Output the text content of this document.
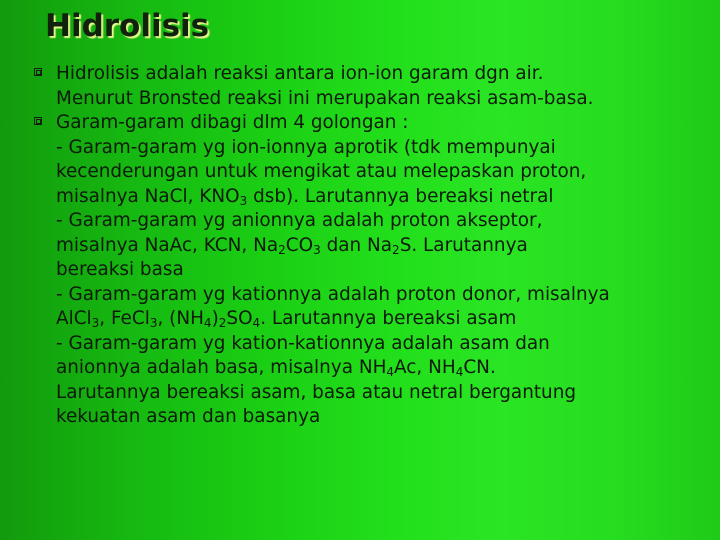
Hidrolisis
Hidrolisis adalah reaksi antara ion-ion garam dgn air.
Menurut Bronsted reaksi ini merupakan reaksi asam-basa.
Garam-garam dibagi dlm 4 golongan :
- Garam-garam yg ion-ionnya aprotik (tdk mempunyai
kecenderungan untuk mengikat atau melepaskan proton,
misalnya NaCl, $KNO_3$ dsb). Larutannya bereaksi netral
- Garam-garam yg anionnya adalah proton akseptor,
misalnya NaAc, KCN, $Na_2CO_3$ dan $Na_2S$. Larutannya
bereaksi basa
- Garam-garam yg kationnya adalah proton donor, misalnya
AlCl$_3$, FeCl$_3$, $(NH_4)_2SO_4$. Larutannya bereaksi asam
- Garam-garam yg kation-kationnya adalah asam dan
anionnya adalah basa, misalnya $NH_4Ac$, $NH_4CN$.
Larutannya bereaksi asam, basa atau netral bergantung
kekuatan asam dan basanya
